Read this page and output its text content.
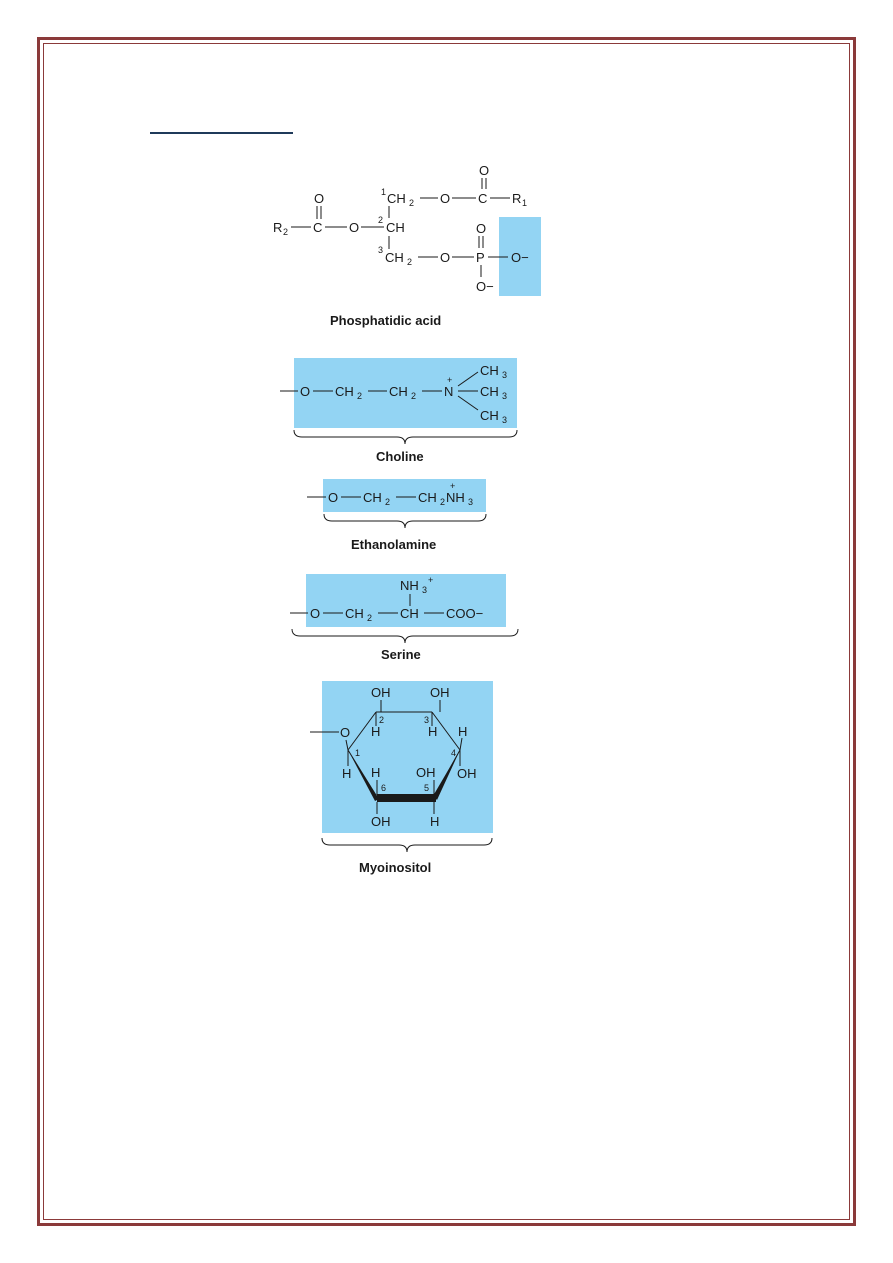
O
1 CH 2 O C R 1
O
R 2 C O 2 CH	O
3 CH 2 O P O−
O−
Phosphatidic acid
O CH 2 CH 2 N
+
CH 3
CH 3
CH 3
Choline
O CH 2 CH 2 NH 3
+
Ethanolamine
NH 3
+
O CH 2 CH COO−
Serine
OH	OH
2
H
3
H
O
1
H
H
4
OH
H
6
OH
5
OH	H
Myoinositol
